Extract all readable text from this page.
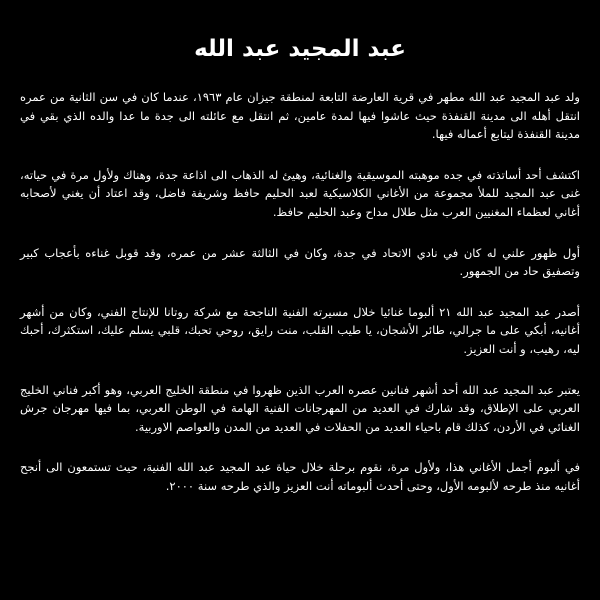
عبد المجيد عبد الله

ولد عبد المجيد عبد الله مطهر في قرية العارضة التابعة لمنطقة جيزان عام ١٩٦٣، عندما كان في سن الثانية من عمره انتقل أهله الى مدينة القنفذة حيث عاشوا فيها لمدة عامين، ثم انتقل مع عائلته الى جدة ما عدا والده الذي بقي في مدينة القنفذة ليتابع أعماله فيها.

اكتشف أحد أساتذته في جده موهبته الموسيقية والغنائية، وهيئ له الذهاب الى اذاعة جدة، وهناك ولأول مرة في حياته، غنى عبد المجيد للملأ مجموعة من الأغاني الكلاسيكية لعبد الحليم حافظ وشريفة فاضل، وقد اعتاد أن يغني لأصحابه أغاني لعظماء المغنيين العرب مثل طلال مداح وعبد الحليم حافظ.

أول ظهور علني له كان في نادي الاتحاد في جدة، وكان في الثالثة عشر من عمره، وقد قوبل غناءه بأعجاب كبير وتصفيق حاد من الجمهور.

أصدر عبد المجيد عبد الله ٢١ ألبوما غنائيا خلال مسيرته الفنية الناجحة مع شركة روتانا للإنتاج الفني، وكان من أشهر أغانيه، أبكي على ما جرالي، طائر الأشجان، يا طيب القلب، منت رايق، روحي تحبك، قلبي يسلم عليك، استكثرك، أحبك ليه، رهيب، و أنت العزيز.

يعتبر عبد المجيد عبد الله أحد أشهر فنانين عصره العرب الذين ظهروا في منطقة الخليج العربي، وهو أكبر فناني الخليج العربي على الإطلاق، وقد شارك في العديد من المهرجانات الفنية الهامة في الوطن العربي، بما فيها مهرجان جرش الغنائي في الأردن، كذلك قام باحياء العديد من الحفلات في العديد من المدن والعواصم الاوربية.

في ألبوم أجمل الأغاني هذا، ولأول مرة، نقوم برحلة خلال حياة عبد المجيد عبد الله الفنية، حيث تستمعون الى أنجح أغانيه منذ طرحه لألبومه الأول، وحتى أحدث ألبوماته أنت العزيز والذي طرحه سنة ٢٠٠٠.
